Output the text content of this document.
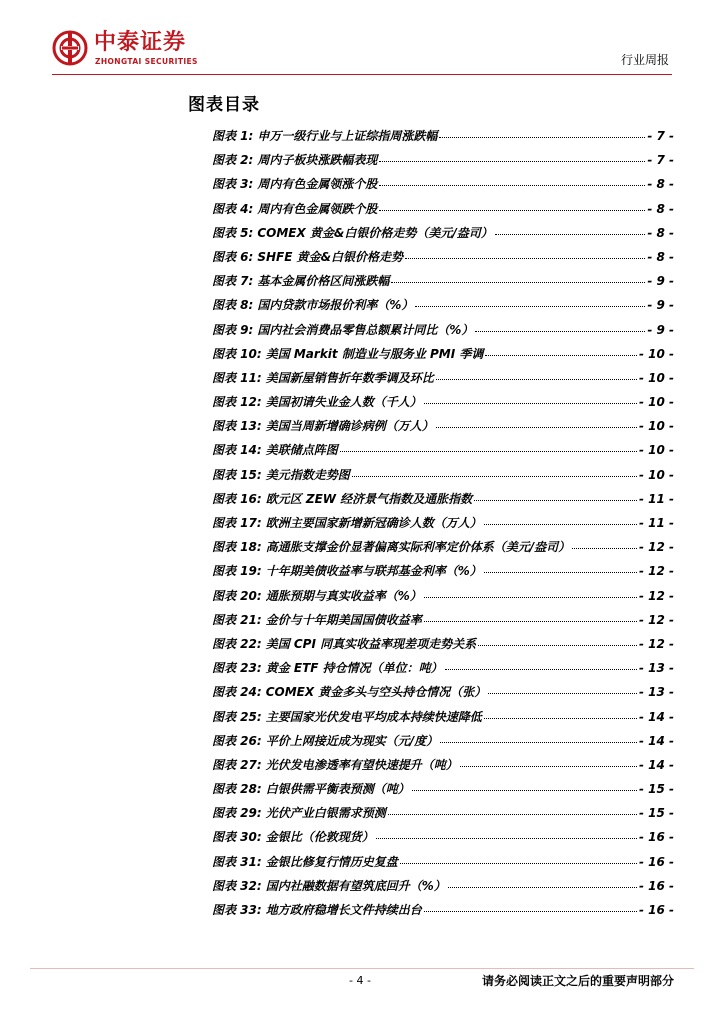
中泰证券
ZHONGTAI SECURITIES	行业周报
图表目录
图表 1: 申万一级行业与上证综指周涨跌幅	- 7 -
图表 2: 周内子板块涨跌幅表现	- 7 -
图表 3: 周内有色金属领涨个股	- 8 -
图表 4: 周内有色金属领跌个股	- 8 -
图表 5: COMEX 黄金&白银价格走势（美元/盎司）	- 8 -
图表 6: SHFE 黄金&白银价格走势	- 8 -
图表 7: 基本金属价格区间涨跌幅	- 9 -
图表 8: 国内贷款市场报价利率（%）	- 9 -
图表 9: 国内社会消费品零售总额累计同比（%）	- 9 -
图表 10: 美国 Markit 制造业与服务业 PMI 季调	- 10 -
图表 11: 美国新屋销售折年数季调及环比	- 10 -
图表 12: 美国初请失业金人数（千人）	- 10 -
图表 13: 美国当周新增确诊病例（万人）	- 10 -
图表 14: 美联储点阵图	- 10 -
图表 15: 美元指数走势图	- 10 -
图表 16: 欧元区 ZEW 经济景气指数及通胀指数	- 11 -
图表 17: 欧洲主要国家新增新冠确诊人数（万人）	- 11 -
图表 18: 高通胀支撑金价显著偏离实际利率定价体系（美元/盎司）	- 12 -
图表 19: 十年期美债收益率与联邦基金利率（%）	- 12 -
图表 20: 通胀预期与真实收益率（%）	- 12 -
图表 21: 金价与十年期美国国债收益率	- 12 -
图表 22: 美国 CPI 同真实收益率现差项走势关系	- 12 -
图表 23: 黄金 ETF 持仓情况（单位：吨）	- 13 -
图表 24: COMEX 黄金多头与空头持仓情况（张）	- 13 -
图表 25: 主要国家光伏发电平均成本持续快速降低	- 14 -
图表 26: 平价上网接近成为现实（元/度）	- 14 -
图表 27: 光伏发电渗透率有望快速提升（吨）	- 14 -
图表 28: 白银供需平衡表预测（吨）	- 15 -
图表 29: 光伏产业白银需求预测	- 15 -
图表 30: 金银比（伦敦现货）	- 16 -
图表 31: 金银比修复行情历史复盘	- 16 -
图表 32: 国内社融数据有望筑底回升（%）	- 16 -
图表 33: 地方政府稳增长文件持续出台	- 16 -
- 4 -	请务必阅读正文之后的重要声明部分
